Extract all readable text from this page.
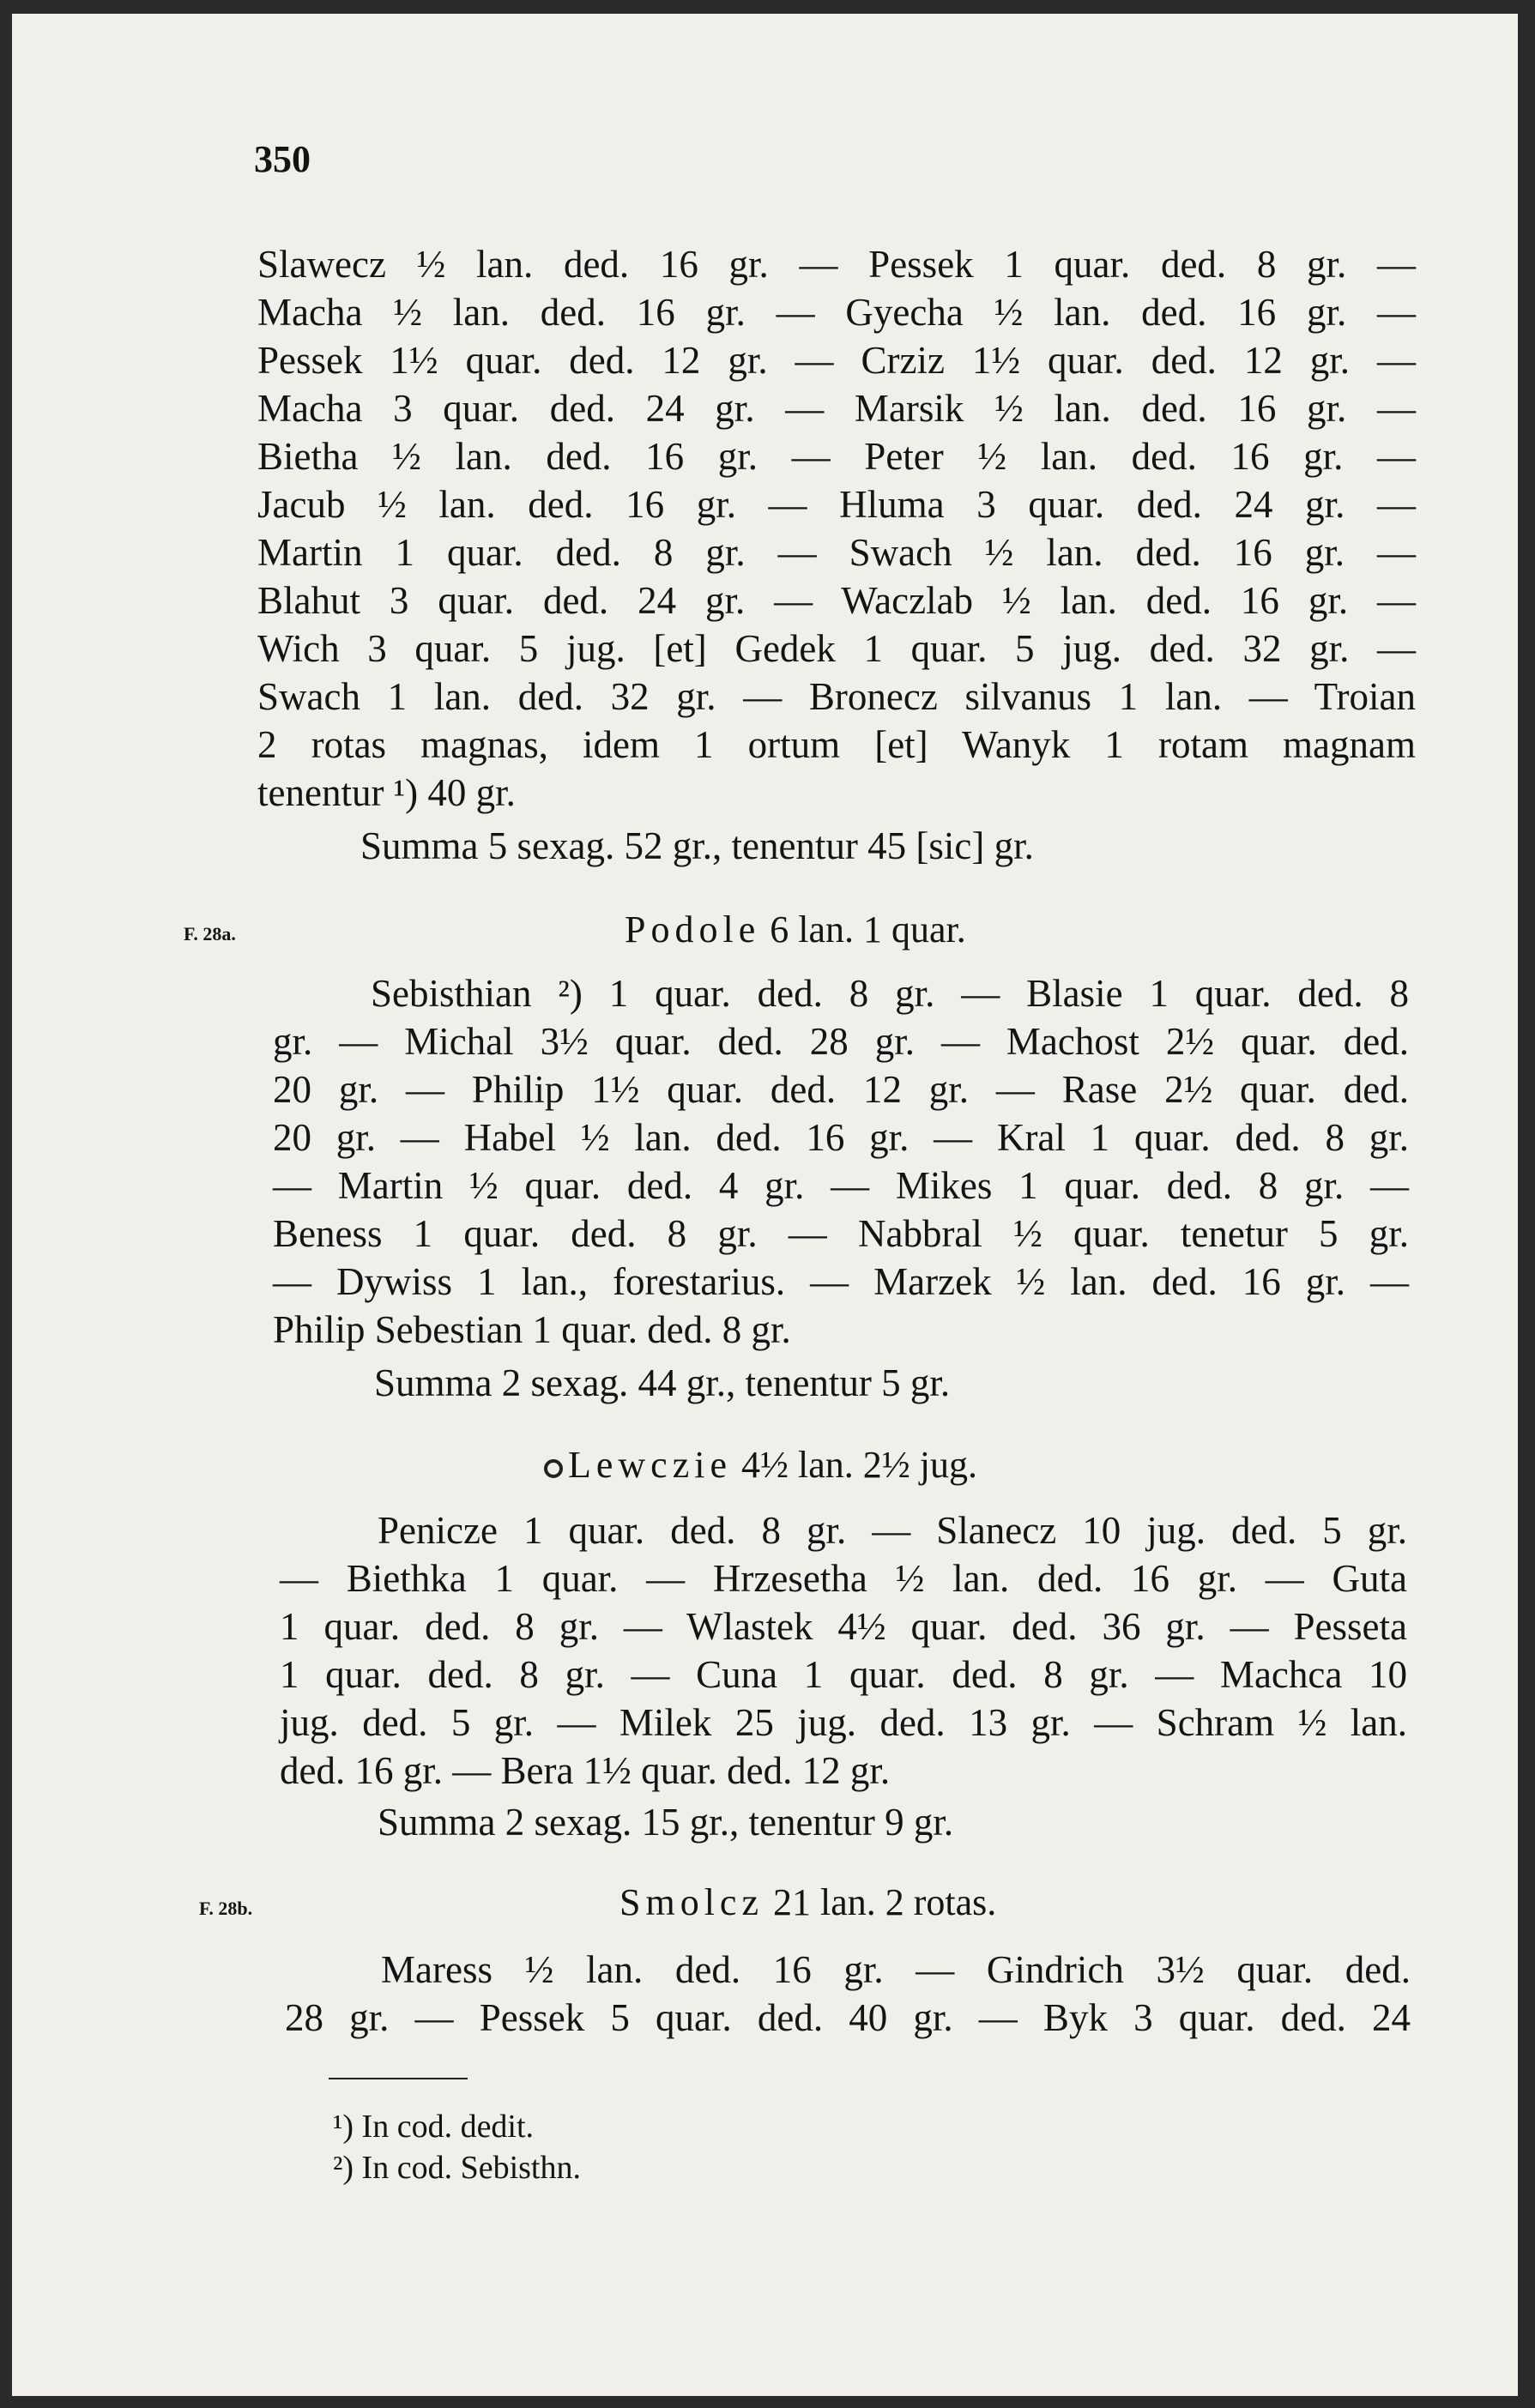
350

Slawecz ½ lan. ded. 16 gr. — Pessek 1 quar. ded. 8 gr. —

Macha ½ lan. ded. 16 gr. — Gyecha ½ lan. ded. 16 gr. —

Pessek 1½ quar. ded. 12 gr. — Crziz 1½ quar. ded. 12 gr. —

Macha 3 quar. ded. 24 gr. — Marsik ½ lan. ded. 16 gr. —

Bietha ½ lan. ded. 16 gr. — Peter ½ lan. ded. 16 gr. —

Jacub ½ lan. ded. 16 gr. — Hluma 3 quar. ded. 24 gr. —

Martin 1 quar. ded. 8 gr. — Swach ½ lan. ded. 16 gr. —

Blahut 3 quar. ded. 24 gr. — Waczlab ½ lan. ded. 16 gr. —

Wich 3 quar. 5 jug. [et] Gedek 1 quar. 5 jug. ded. 32 gr. —

Swach 1 lan. ded. 32 gr. — Bronecz silvanus 1 lan. — Troian

2 rotas magnas, idem 1 ortum [et] Wanyk 1 rotam magnam

tenentur ¹) 40 gr.

Summa 5 sexag. 52 gr., tenentur 45 [sic] gr.

F. 28a.	Podole 6 lan. 1 quar.

Sebisthian ²) 1 quar. ded. 8 gr. — Blasie 1 quar. ded. 8

gr. — Michal 3½ quar. ded. 28 gr. — Machost 2½ quar. ded.

20 gr. — Philip 1½ quar. ded. 12 gr. — Rase 2½ quar. ded.

20 gr. — Habel ½ lan. ded. 16 gr. — Kral 1 quar. ded. 8 gr.

— Martin ½ quar. ded. 4 gr. — Mikes 1 quar. ded. 8 gr. —

Beness 1 quar. ded. 8 gr. — Nabbral ½ quar. tenetur 5 gr.

— Dywiss 1 lan., forestarius. — Marzek ½ lan. ded. 16 gr. —

Philip Sebestian 1 quar. ded. 8 gr.

Summa 2 sexag. 44 gr., tenentur 5 gr.

Lewczie 4½ lan. 2½ jug.

Penicze 1 quar. ded. 8 gr. — Slanecz 10 jug. ded. 5 gr.

— Biethka 1 quar. — Hrzesetha ½ lan. ded. 16 gr. — Guta

1 quar. ded. 8 gr. — Wlastek 4½ quar. ded. 36 gr. — Pesseta

1 quar. ded. 8 gr. — Cuna 1 quar. ded. 8 gr. — Machca 10

jug. ded. 5 gr. — Milek 25 jug. ded. 13 gr. — Schram ½ lan.

ded. 16 gr. — Bera 1½ quar. ded. 12 gr.

Summa 2 sexag. 15 gr., tenentur 9 gr.

F. 28b.	Smolcz 21 lan. 2 rotas.

Maress ½ lan. ded. 16 gr. — Gindrich 3½ quar. ded.

28 gr. — Pessek 5 quar. ded. 40 gr. — Byk 3 quar. ded. 24

¹) In cod. dedit.
²) In cod. Sebisthn.
